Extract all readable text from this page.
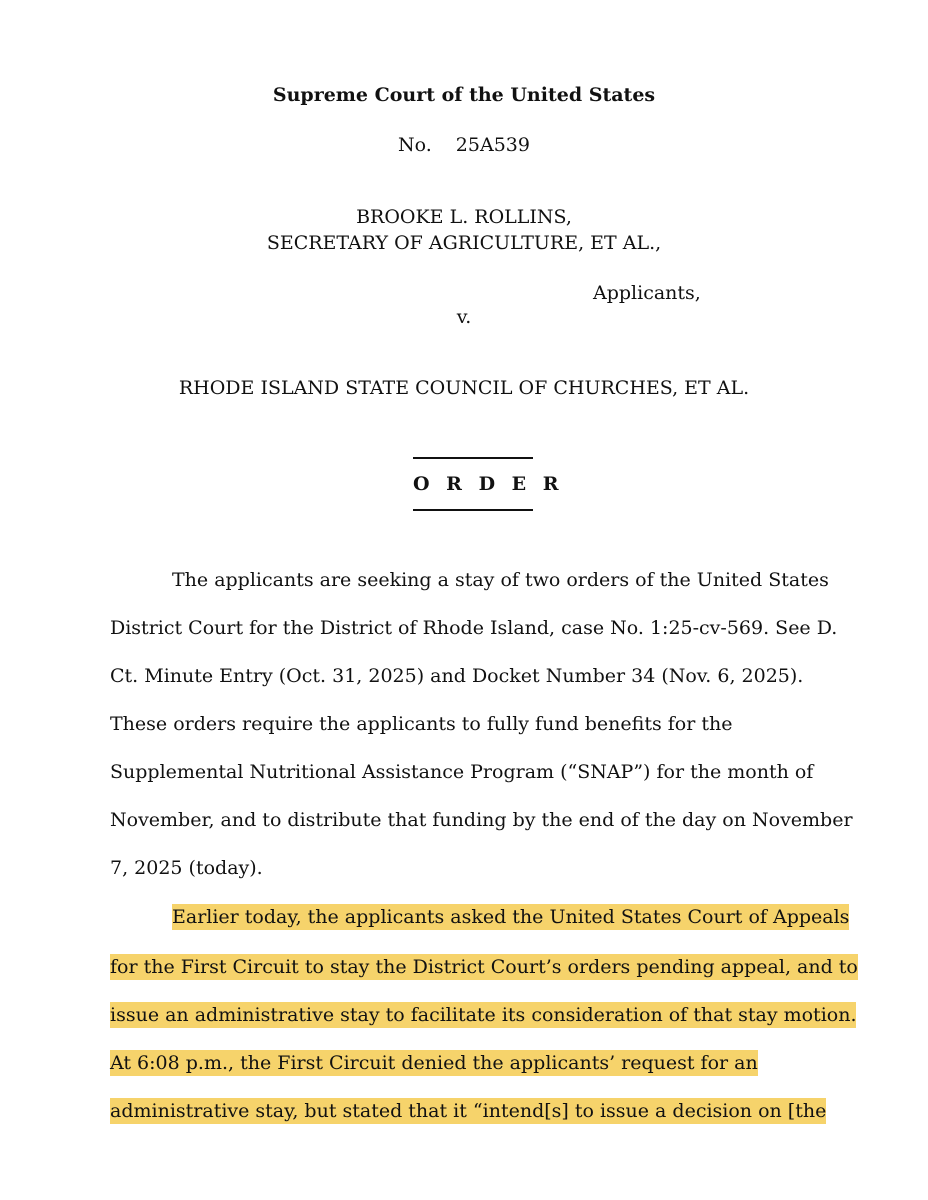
Supreme Court of the United States
No. 25A539
BROOKE L. ROLLINS,
SECRETARY OF AGRICULTURE, ET AL.,
Applicants,
v.
RHODE ISLAND STATE COUNCIL OF CHURCHES, ET AL.
O R D E R
The applicants are seeking a stay of two orders of the United States
District Court for the District of Rhode Island, case No. 1:25-cv-569. See D.
Ct. Minute Entry (Oct. 31, 2025) and Docket Number 34 (Nov. 6, 2025).
These orders require the applicants to fully fund benefits for the
Supplemental Nutritional Assistance Program (“SNAP”) for the month of
November, and to distribute that funding by the end of the day on November
7, 2025 (today).
Earlier today, the applicants asked the United States Court of Appeals
for the First Circuit to stay the District Court’s orders pending appeal, and to
issue an administrative stay to facilitate its consideration of that stay motion.
At 6:08 p.m., the First Circuit denied the applicants’ request for an
administrative stay, but stated that it “intend[s] to issue a decision on [the
